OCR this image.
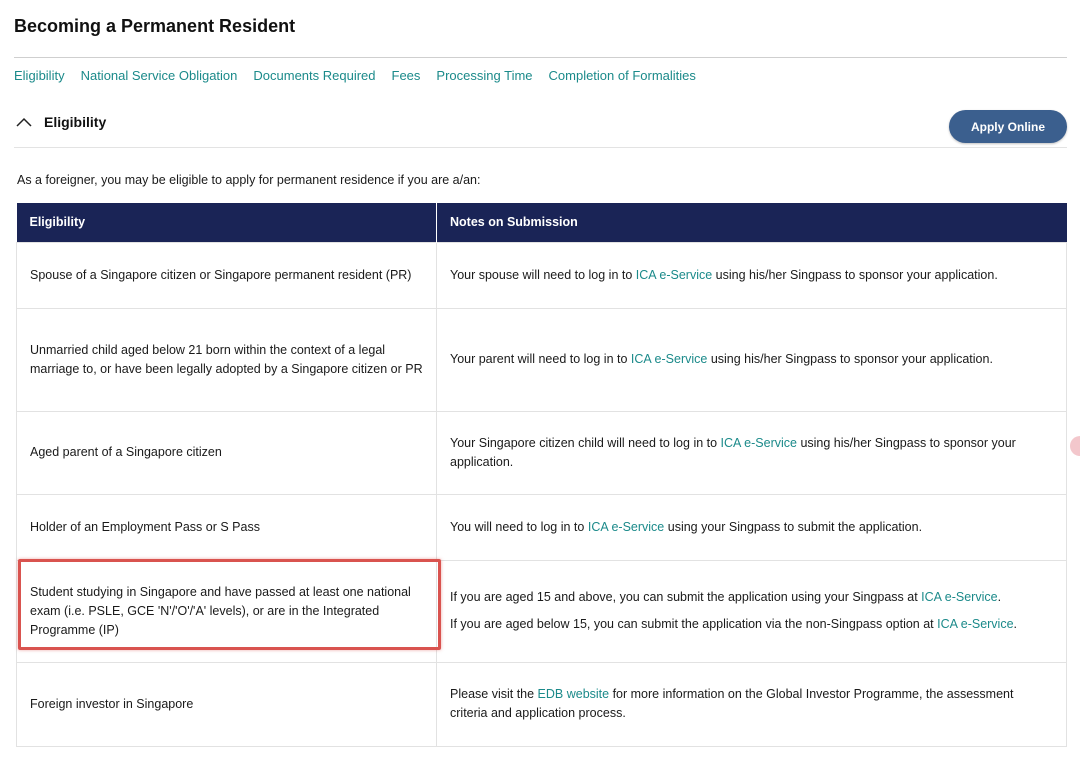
Becoming a Permanent Resident
Eligibility National Service Obligation Documents Required Fees Processing Time Completion of Formalities
Eligibility	Apply Online
As a foreigner, you may be eligible to apply for permanent residence if you are a/an:
Eligibility	Notes on Submission
Spouse of a Singapore citizen or Singapore permanent resident (PR)	Your spouse will need to log in to ICA e-Service using his/her Singpass to sponsor your application.

Unmarried child aged below 21 born within the context of a legal marriage to, or have been legally adopted by a Singapore citizen or PR	Your parent will need to log in to ICA e-Service using his/her Singpass to sponsor your application.

Aged parent of a Singapore citizen	Your Singapore citizen child will need to log in to ICA e-Service using his/her Singpass to sponsor your application.

Holder of an Employment Pass or S Pass	You will need to log in to ICA e-Service using your Singpass to submit the application.

Student studying in Singapore and have passed at least one national exam (i.e. PSLE, GCE 'N'/'O'/'A' levels), or are in the Integrated Programme (IP)	If you are aged 15 and above, you can submit the application using your Singpass at ICA e-Service.

If you are aged below 15, you can submit the application via the non-Singpass option at ICA e-Service.

Foreign investor in Singapore	Please visit the EDB website for more information on the Global Investor Programme, the assessment criteria and application process.
